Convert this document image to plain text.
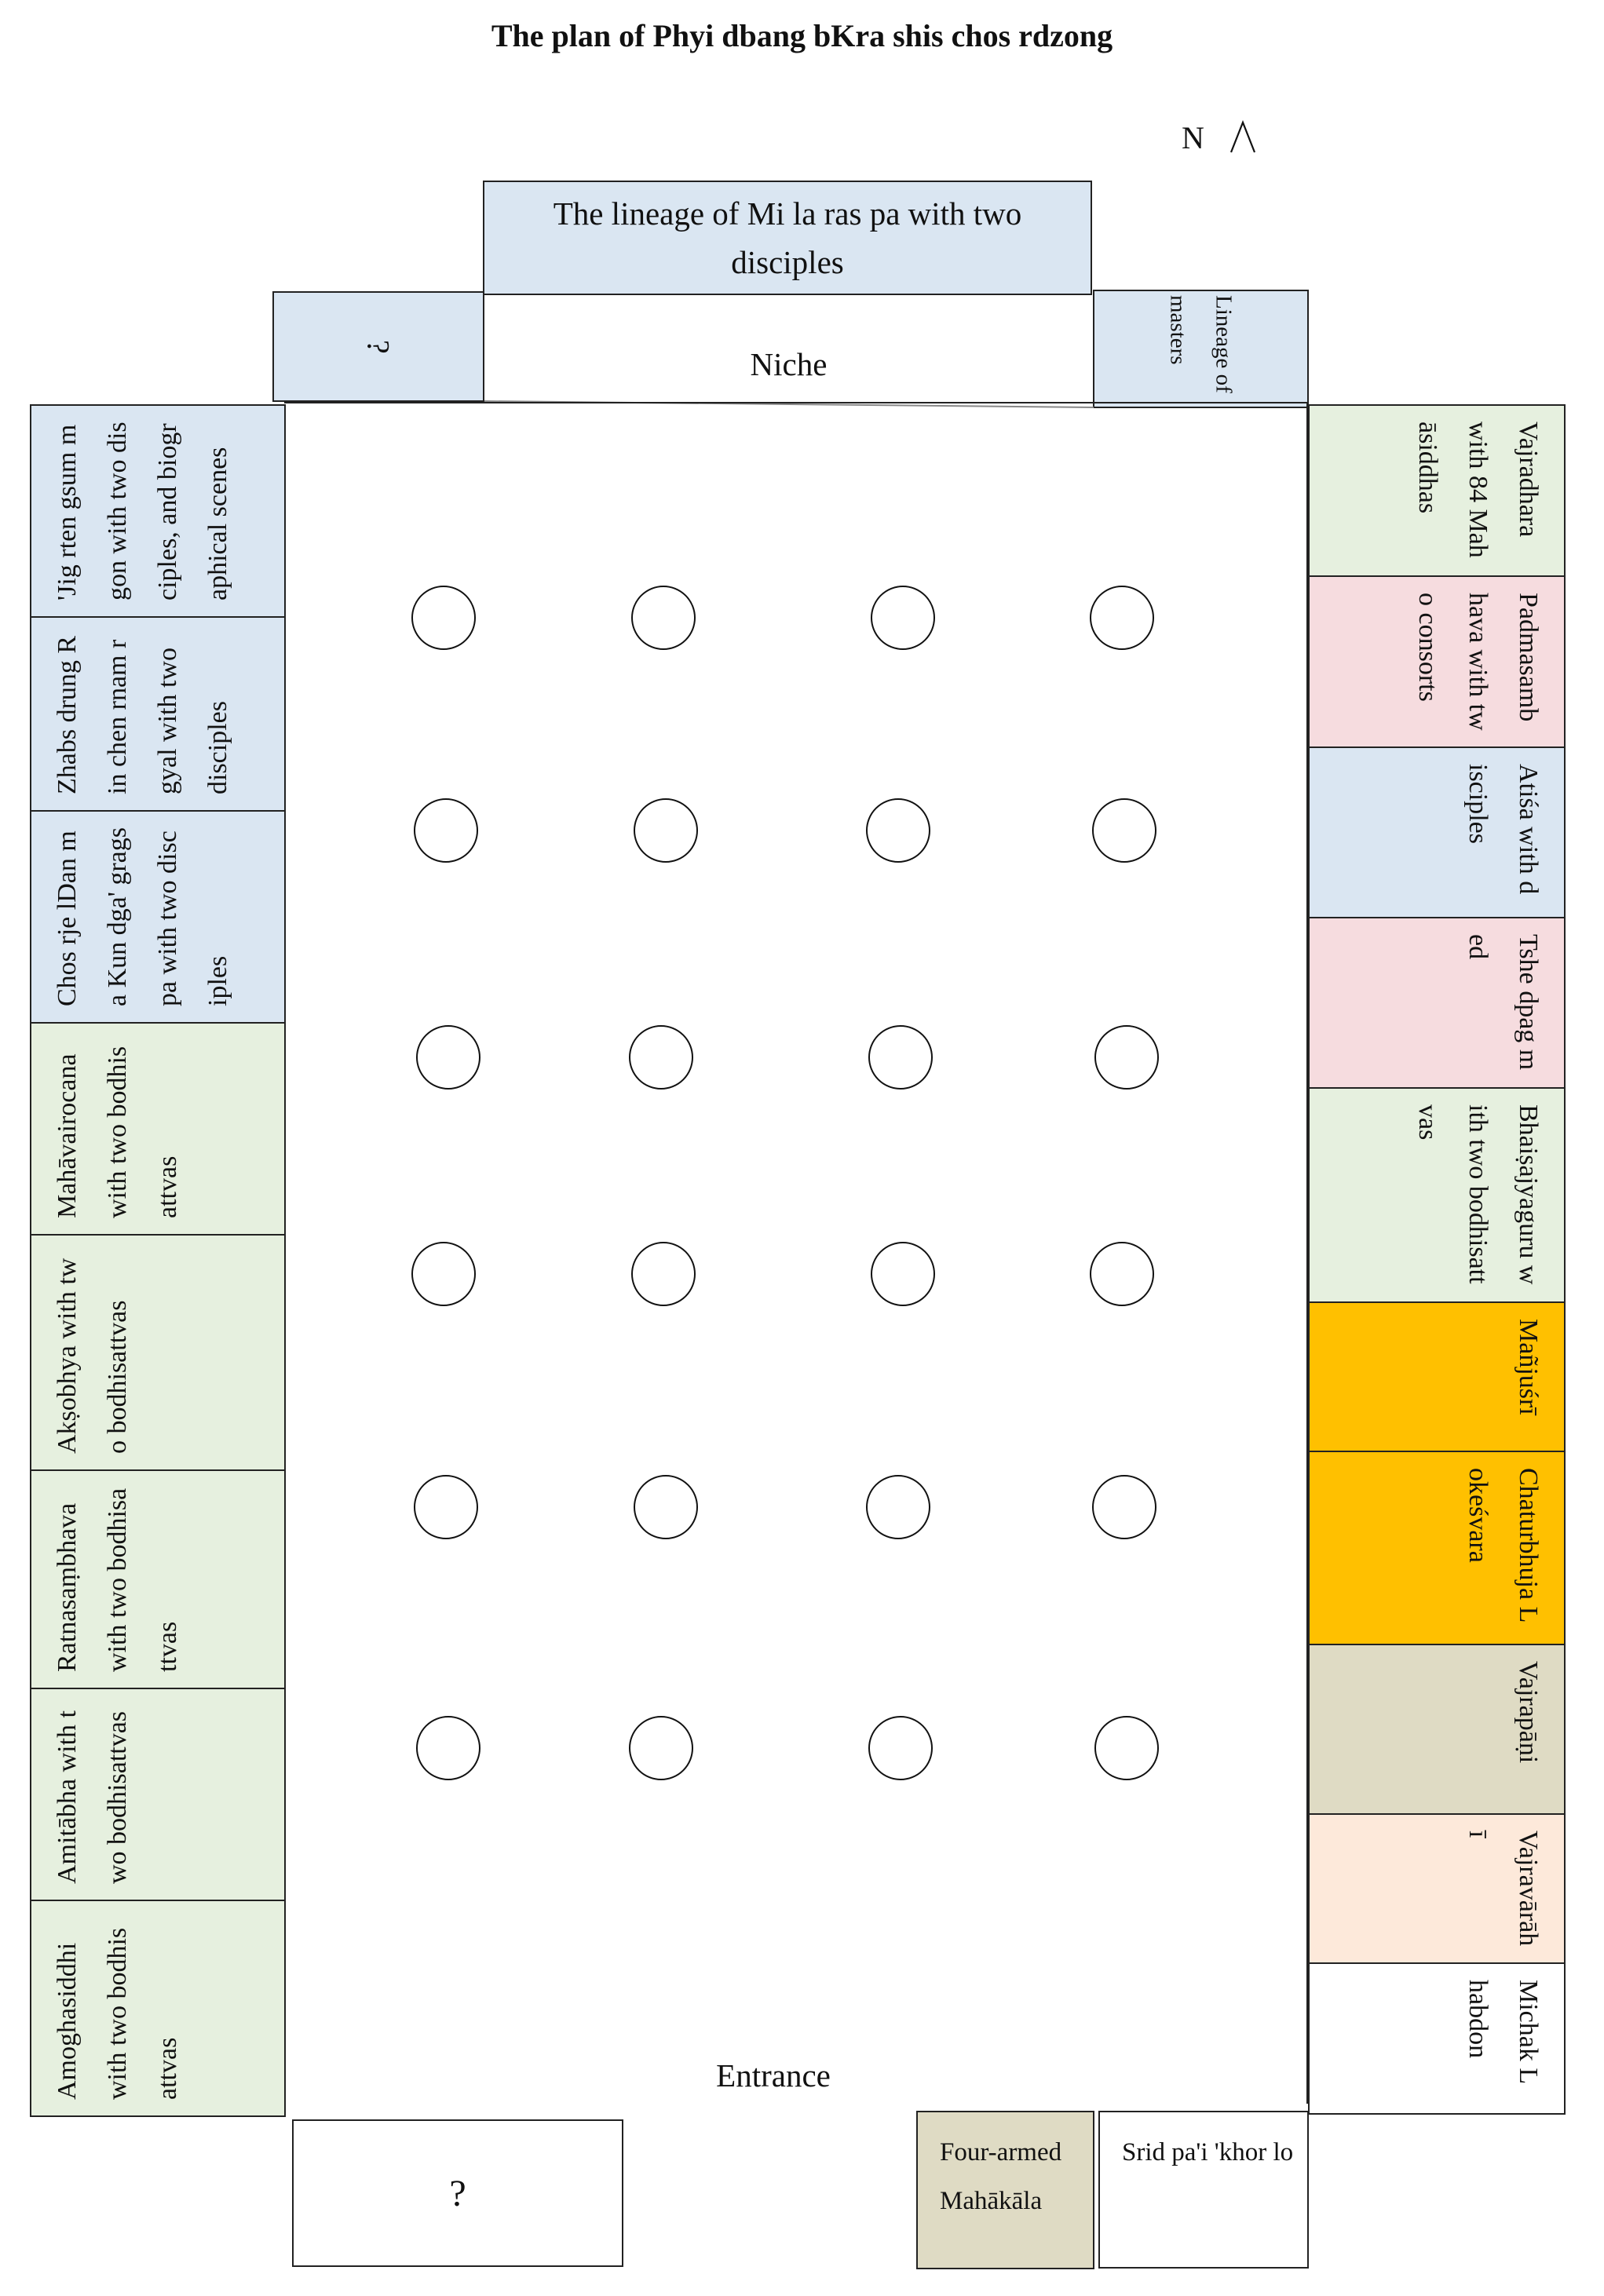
The plan of Phyi dbang bKra shis chos rdzong
N
The lineage of Mi la ras pa with two disciples
?	Niche	Lineage of masters
'Jig rten gsum mgon with two disciples, and biographical scenes
Zhabs drung Rin chen rnam rgyal with two disciples
Chos rje lDan ma Kun dga' grags pa with two disciples
Mahāvairocana with two bodhisattvas
Akṣobhya with two bodhisattvas
Ratnasaṃbhava with two bodhisattvas
Amitābha with two bodhisattvas
Amoghasiddhi with two bodhisattvas
Vajradhara with 84 Mahāsiddhas
Padmasambhava with two consorts
Atiśa with disciples
Tshe dpag med
Bhaiṣajyaguru with two bodhisattvas
Mañjuśrī
Chaturbhuja Lokeśvara
Vajrapāṇi
Vajravārāhī
Michak Lhabdon
Entrance
?
Four-armed Mahākāla
Srid pa'i 'khor lo
